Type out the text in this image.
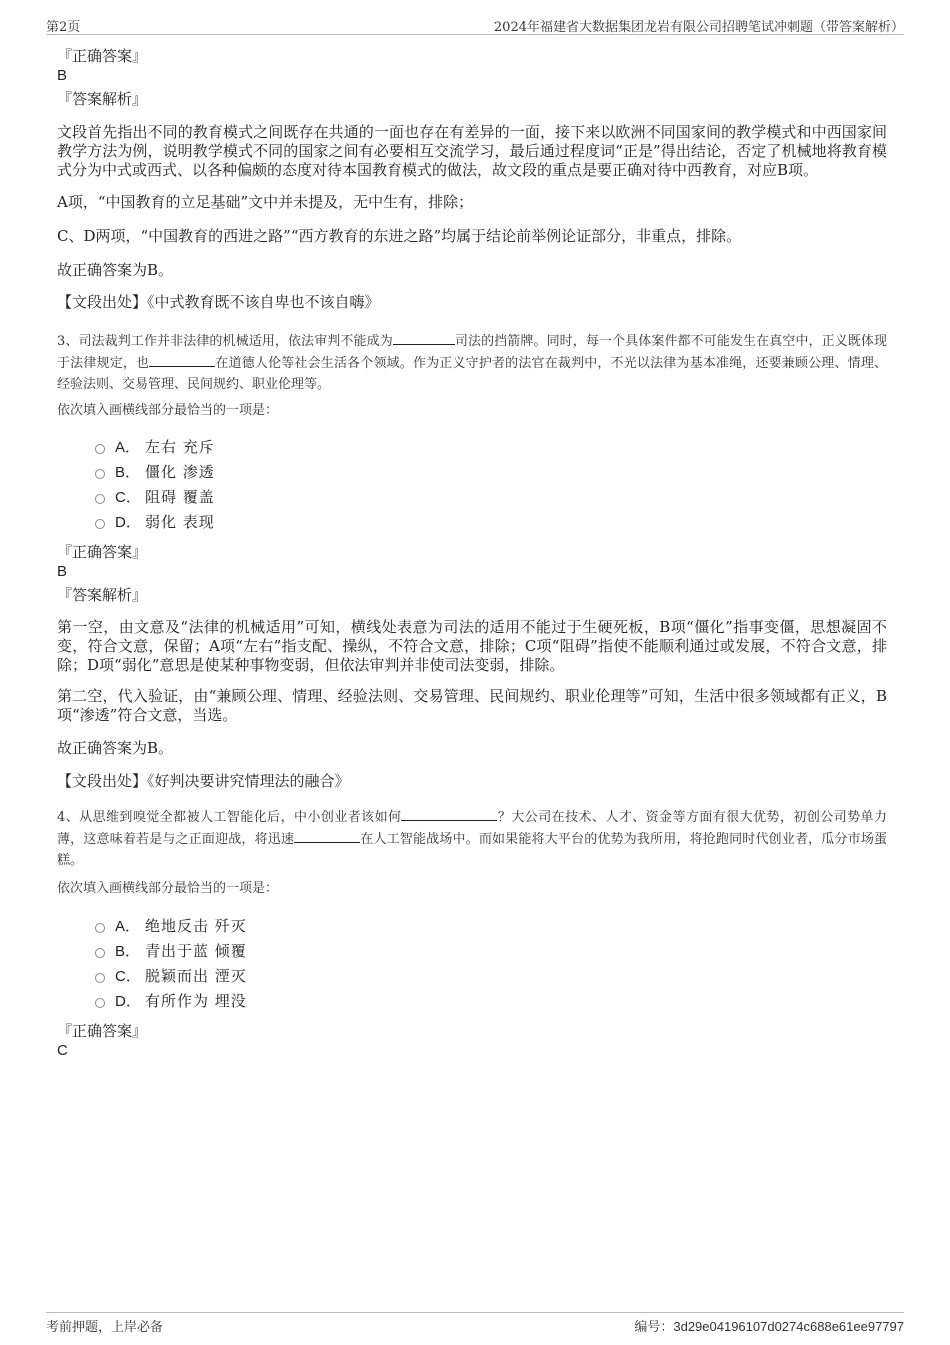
第2页	2024年福建省大数据集团龙岩有限公司招聘笔试冲刺题（带答案解析）
『正确答案』
B
『答案解析』
文段首先指出不同的教育模式之间既存在共通的一面也存在有差异的一面，接下来以欧洲不同国家间的教学模式和中西国家间教学方法为例，说明教学模式不同的国家之间有必要相互交流学习，最后通过程度词“正是”得出结论，否定了机械地将教育模式分为中式或西式、以各种偏颇的态度对待本国教育模式的做法，故文段的重点是要正确对待中西教育，对应B项。
A项，“中国教育的立足基础”文中并未提及，无中生有，排除；
C、D两项，“中国教育的西进之路”“西方教育的东进之路”均属于结论前举例论证部分，非重点，排除。
故正确答案为B。
【文段出处】《中式教育既不该自卑也不该自嗨》
3、司法裁判工作并非法律的机械适用，依法审判不能成为	司法的挡箭牌。同时，每一个具体案件都不可能发生在真空中，正义既体现于法律规定，也	在道德人伦等社会生活各个领域。作为正义守护者的法官在裁判中，不光以法律为基本准绳，还要兼顾公理、情理、经验法则、交易管理、民间规约、职业伦理等。
依次填入画横线部分最恰当的一项是：
A． 左右 充斥
B． 僵化 渗透
C． 阻碍 覆盖
D． 弱化 表现
『正确答案』
B
『答案解析』
第一空，由文意及“法律的机械适用”可知，横线处表意为司法的适用不能过于生硬死板，B项“僵化”指事变僵，思想凝固不变，符合文意，保留；A项“左右”指支配、操纵，不符合文意，排除；C项“阻碍”指使不能顺利通过或发展，不符合文意，排除；D项“弱化”意思是使某种事物变弱，但依法审判并非使司法变弱，排除。
第二空，代入验证，由“兼顾公理、情理、经验法则、交易管理、民间规约、职业伦理等”可知，生活中很多领域都有正义，B项“渗透”符合文意，当选。
故正确答案为B。
【文段出处】《好判决要讲究情理法的融合》
4、从思维到嗅觉全都被人工智能化后，中小创业者该如何	？大公司在技术、人才、资金等方面有很大优势，初创公司势单力薄，这意味着若是与之正面迎战，将迅速	在人工智能战场中。而如果能将大平台的优势为我所用，将抢跑同时代创业者，瓜分市场蛋糕。
依次填入画横线部分最恰当的一项是：
A． 绝地反击 歼灭
B． 青出于蓝 倾覆
C． 脱颖而出 湮灭
D． 有所作为 埋没
『正确答案』
C
考前押题，上岸必备	编号：3d29e04196107d0274c688e61ee97797
